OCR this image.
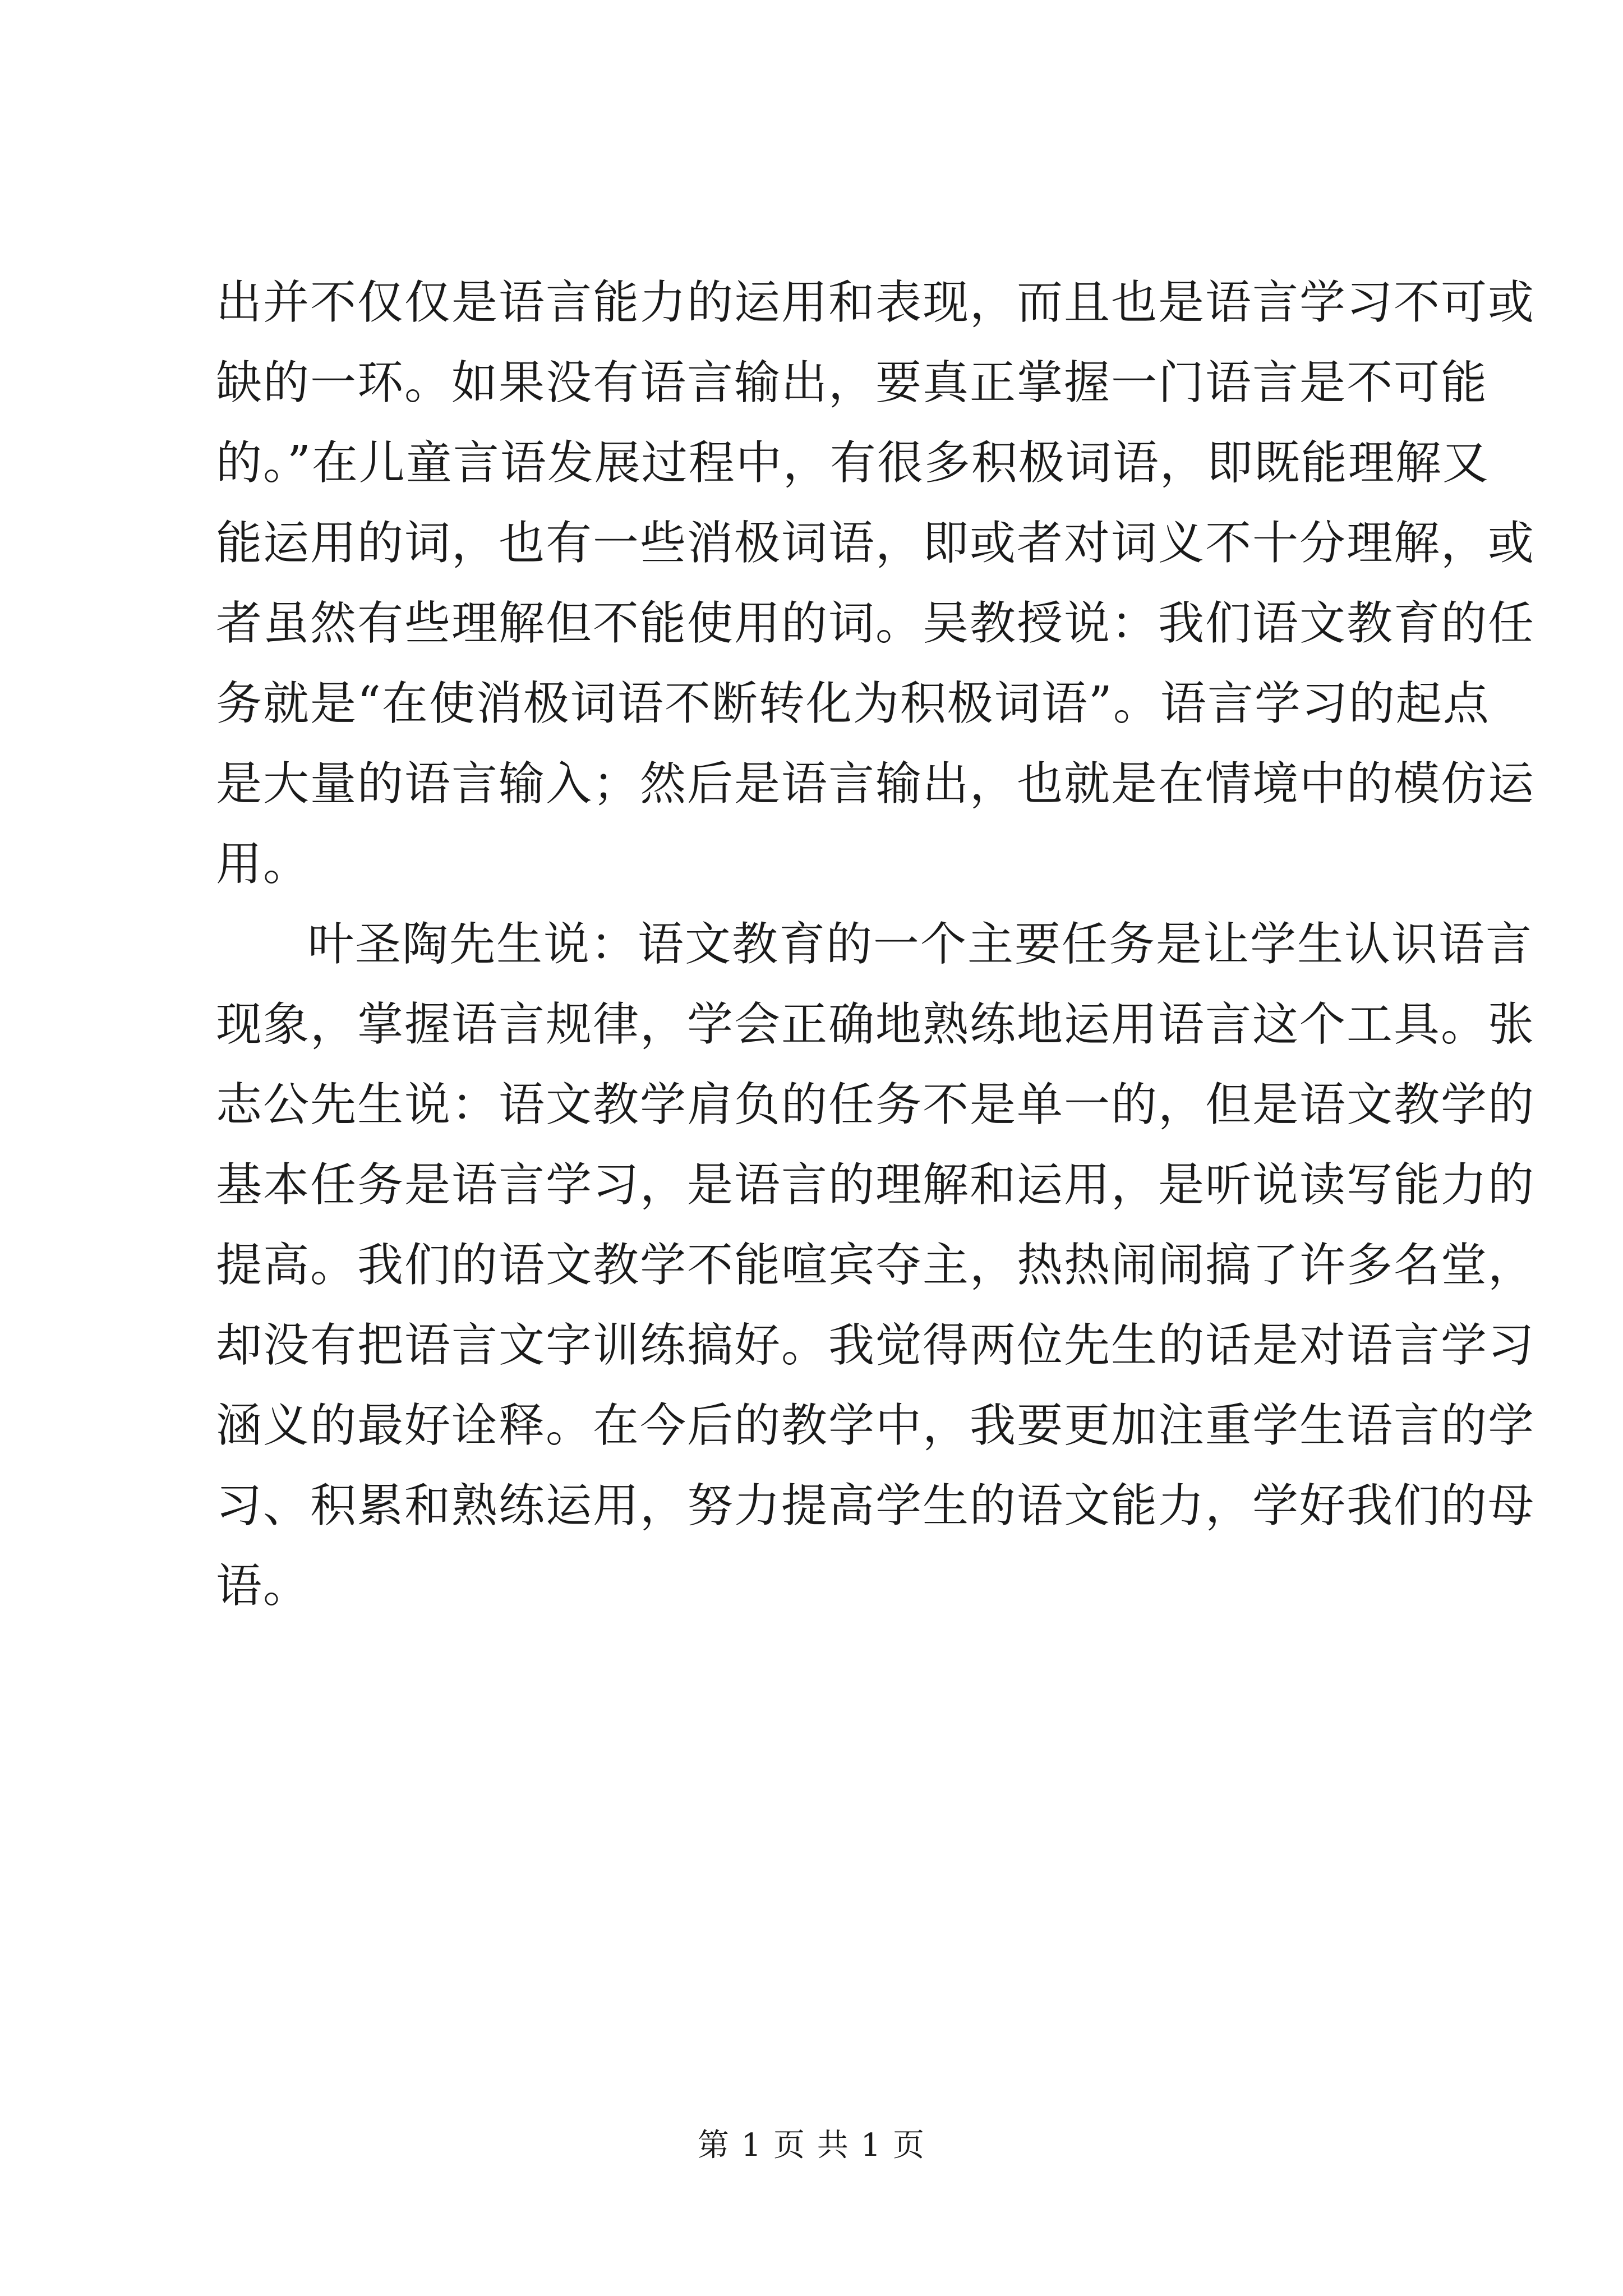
出并不仅仅是语言能力的运用和表现，而且也是语言学习不可或
缺的一环。如果没有语言输出，要真正掌握一门语言是不可能
的。”在儿童言语发展过程中，有很多积极词语，即既能理解又
能运用的词，也有一些消极词语，即或者对词义不十分理解，或
者虽然有些理解但不能使用的词。吴教授说：我们语文教育的任
务就是“在使消极词语不断转化为积极词语”。语言学习的起点
是大量的语言输入；然后是语言输出，也就是在情境中的模仿运
用。
叶圣陶先生说：语文教育的一个主要任务是让学生认识语言
现象，掌握语言规律，学会正确地熟练地运用语言这个工具。张
志公先生说：语文教学肩负的任务不是单一的，但是语文教学的
基本任务是语言学习，是语言的理解和运用，是听说读写能力的
提高。我们的语文教学不能喧宾夺主，热热闹闹搞了许多名堂，
却没有把语言文字训练搞好。我觉得两位先生的话是对语言学习
涵义的最好诠释。在今后的教学中，我要更加注重学生语言的学
习、积累和熟练运用，努力提高学生的语文能力，学好我们的母
语。
第 1 页 共 1 页
